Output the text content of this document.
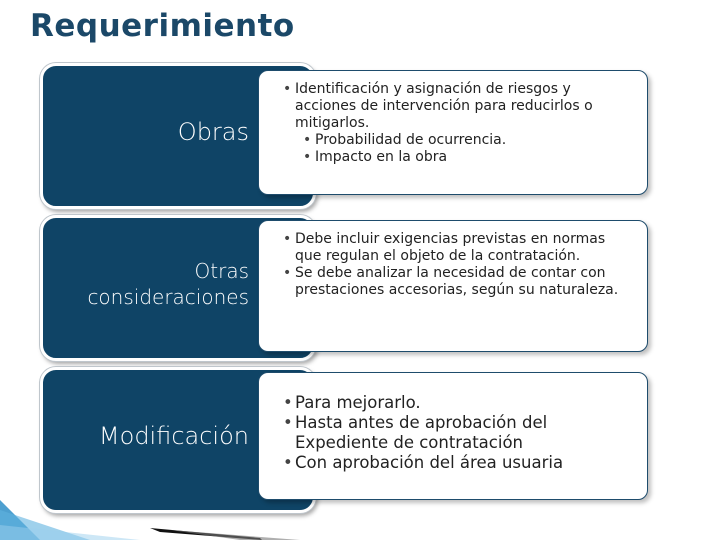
Requerimiento
Obras
• Identificación y asignación de riesgos y acciones de intervención para reducirlos o mitigarlos.
• Probabilidad de ocurrencia.
• Impacto en la obra
Otras
consideraciones
• Debe incluir exigencias previstas en normas que regulan el objeto de la contratación.
• Se debe analizar la necesidad de contar con prestaciones accesorias, según su naturaleza.
Modificación
• Para mejorarlo.
• Hasta antes de aprobación del Expediente de contratación
• Con aprobación del área usuaria
